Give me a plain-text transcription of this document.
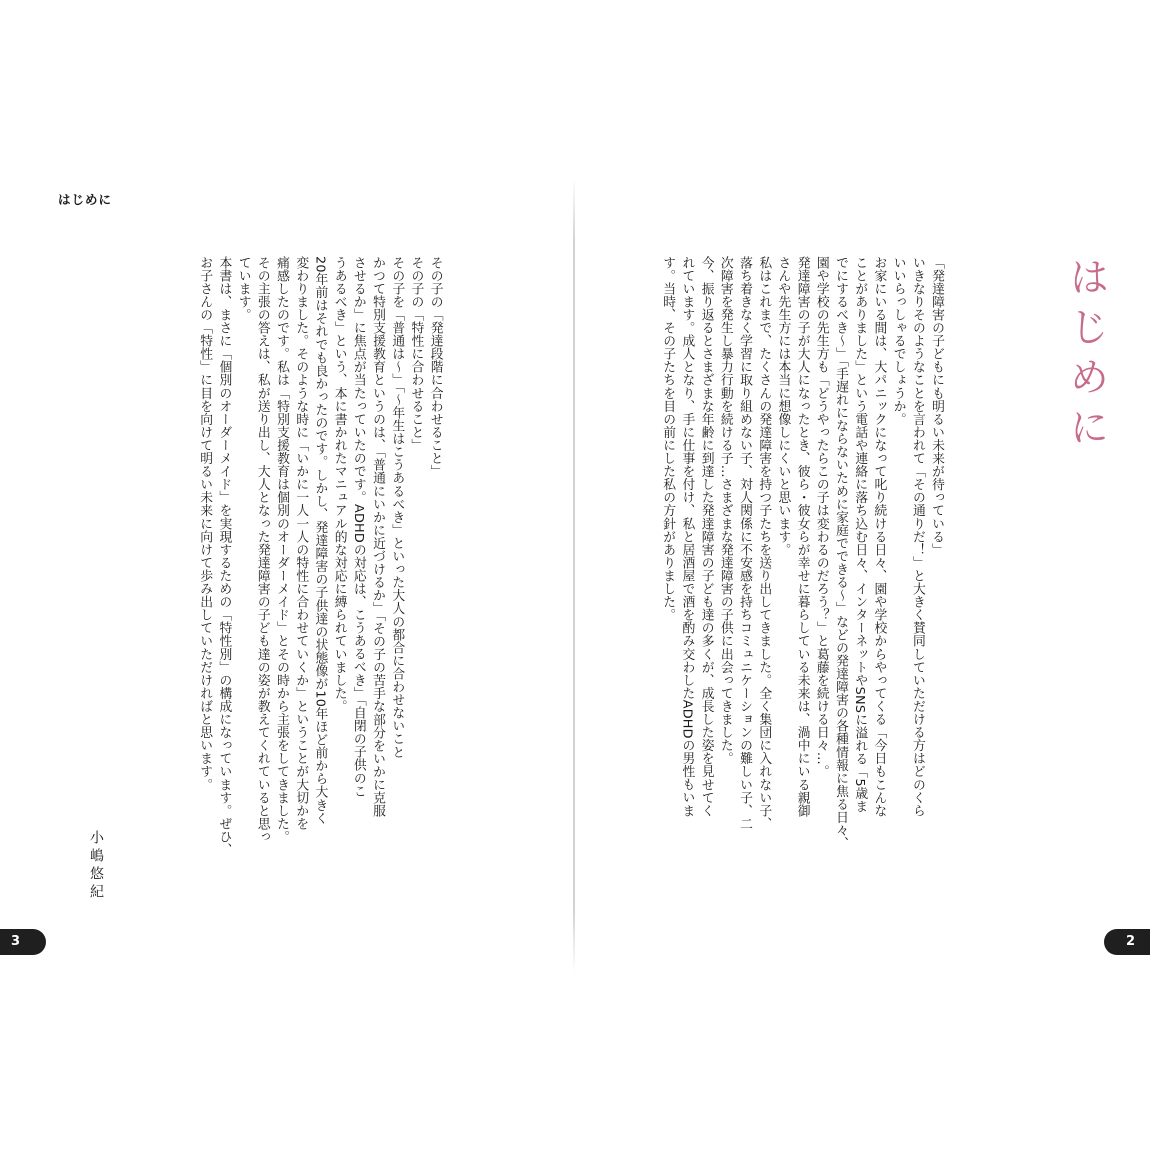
はじめに
3	2
はじめに
「発達障害の子どもにも明るい未来が待っている」
いきなりそのようなことを言われて「その通りだ！」と大きく賛同していただける方はどのくら
いいらっしゃるでしょうか。
お家にいる間は、大パニックになって叱り続ける日々、園や学校からやってくる「今日もこんな
ことがありました」という電話や連絡に落ち込む日々、インターネットやSNSに溢れる「5歳ま
でにするべき～」「手遅れにならないために家庭でできる～」などの発達障害の各種情報に焦る日々、
園や学校の先生方も「どうやったらこの子は変わるのだろう？」と葛藤を続ける日々…。
発達障害の子が大人になったとき、彼ら・彼女らが幸せに暮らしている未来は、渦中にいる親御
さんや先生方には本当に想像しにくいと思います。
私はこれまで、たくさんの発達障害を持つ子たちを送り出してきました。全く集団に入れない子、
落ち着きなく学習に取り組めない子、対人関係に不安感を持ちコミュニケーションの難しい子、二
次障害を発生し暴力行動を続ける子…さまざまな発達障害の子供に出会ってきました。
今、振り返るとさまざまな年齢に到達した発達障害の子ども達の多くが、成長した姿を見せてく
れています。成人となり、手に仕事を付け、私と居酒屋で酒を酌み交わしたADHDの男性もいま
す。当時、その子たちを目の前にした私の方針がありました。
その子の「発達段階に合わせること」
その子の「特性に合わせること」
その子を「普通は～」「～年生はこうあるべき」といった大人の都合に合わせないこと
かつて特別支援教育というのは、「普通にいかに近づけるか」「その子の苦手な部分をいかに克服
させるか」に焦点が当たっていたのです。ADHDの対応は、こうあるべき」「自閉の子供のこ
うあるべき」という、本に書かれたマニュアル的な対応に縛られていました。
20年前はそれでも良かったのです。しかし、発達障害の子供達の状態像が10年ほど前から大きく
変わりました。そのような時に「いかに一人一人の特性に合わせていくか」ということが大切かを
痛感したのです。私は「特別支援教育は個別のオーダーメイド」とその時から主張をしてきました。
その主張の答えは、私が送り出し、大人となった発達障害の子ども達の姿が教えてくれていると思っ
ています。
本書は、まさに「個別のオーダーメイド」を実現するための「特性別」の構成になっています。ぜひ、
お子さんの「特性」に目を向けて明るい未来に向けて歩み出していただければと思います。
小嶋悠紀
